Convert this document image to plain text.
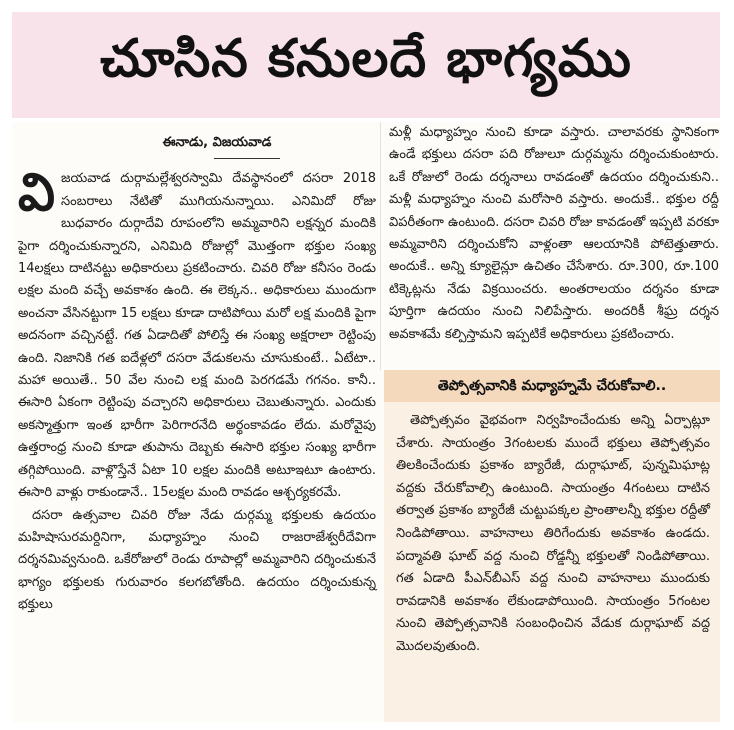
చూసిన కనులదే భాగ్యము
ఈనాడు, విజయవాడ

విజయవాడ దుర్గామల్లేశ్వరస్వామి దేవస్థానంలో దసరా 2018 సంబరాలు నేటితో ముగియనున్నాయి. ఎనిమిదో రోజు బుధవారం దుర్గాదేవి రూపంలోని అమ్మవారిని లక్షన్నర మందికి పైగా దర్శించుకున్నారని, ఎనిమిది రోజుల్లో మొత్తంగా భక్తుల సంఖ్య 14లక్షలు దాటినట్టు అధికారులు ప్రకటించారు. చివరి రోజు కనీసం రెండు లక్షల మంది వచ్చే అవకాశం ఉంది. ఈ లెక్కన.. అధికారులు ముందుగా అంచనా వేసినట్టుగా 15 లక్షలు కూడా దాటిపోయి మరో లక్ష మందికి పైగా అదనంగా వచ్చినట్టే. గత ఏడాదితో పోలిస్తే ఈ సంఖ్య అక్షరాలా రెట్టింపు ఉంది. నిజానికి గత ఐదేళ్లలో దసరా వేడుకలను చూసుకుంటే.. ఏటేటా.. మహా అయితే.. 50 వేల నుంచి లక్ష మంది పెరగడమే గగనం. కానీ.. ఈసారి ఏకంగా రెట్టింపు వచ్చారని అధికారులు చెబుతున్నారు. ఎందుకు అకస్మాత్తుగా ఇంత భారీగా పెరిగారనేది అర్థంకావడం లేదు. మరోవైపు ఉత్తరాంధ్ర నుంచి కూడా తుపాను దెబ్బకు ఈసారి భక్తుల సంఖ్య భారీగా తగ్గిపోయింది. వాళ్లొస్తేనే ఏటా 10 లక్షల మందికి అటూఇటూ ఉంటారు. ఈసారి వాళ్లు రాకుండానే.. 15లక్షల మంది రావడం ఆశ్చర్యకరమే.

దసరా ఉత్సవాల చివరి రోజు నేడు దుర్గమ్మ భక్తులకు ఉదయం మహిషాసురమర్దినిగా, మధ్యాహ్నం నుంచి రాజరాజేశ్వరీదేవిగా దర్శనమివ్వనుంది. ఒకేరోజులో రెండు రూపాల్లో అమ్మవారిని దర్శించుకునే భాగ్యం భక్తులకు గురువారం కలగబోతోంది. ఉదయం దర్శించుకున్న భక్తులు

మళ్లీ మధ్యాహ్నం నుంచి కూడా వస్తారు. చాలావరకు స్థానికంగా ఉండే భక్తులు దసరా పది రోజులూ దుర్గమ్మను దర్శించుకుంటారు. ఒకే రోజులో రెండు దర్శనాలు రావడంతో ఉదయం దర్శించుకుని.. మళ్లీ మధ్యాహ్నం నుంచి మరోసారి వస్తారు. అందుకే.. భక్తుల రద్దీ విపరీతంగా ఉంటుంది. దసరా చివరి రోజు కావడంతో ఇప్పటి వరకూ అమ్మవారిని దర్శించుకోని వాళ్లంతా ఆలయానికి పోటెత్తుతారు. అందుకే.. అన్ని క్యూలైన్లూ ఉచితం చేసేశారు. రూ.300, రూ.100 టిక్కెట్లను నేడు విక్రయించరు. అంతరాలయం దర్శనం కూడా పూర్తిగా ఉదయం నుంచి నిలిపేస్తారు. అందరికీ శీఘ్ర దర్శన అవకాశమే కల్పిస్తామని ఇప్పటికే అధికారులు ప్రకటించారు.

తెప్పోత్సవానికి మధ్యాహ్నమే చేరుకోవాలి..
తెప్పోత్సవం వైభవంగా నిర్వహించేందుకు అన్ని ఏర్పాట్లూ చేశారు. సాయంత్రం 3గంటలకు ముందే భక్తులు తెప్పోత్సవం తిలకించేందుకు ప్రకాశం బ్యారేజీ, దుర్గాఘాట్, పున్నమిఘాట్ల వద్దకు చేరుకోవాల్సి ఉంటుంది. సాయంత్రం 4గంటలు దాటిన తర్వాత ప్రకాశం బ్యారేజీ చుట్టుపక్కల ప్రాంతాలన్నీ భక్తుల రద్దీతో నిండిపోతాయి. వాహనాలు తిరిగేందుకు అవకాశం ఉండదు. పద్మావతి ఘాట్ వద్ద నుంచి రోడ్డన్నీ భక్తులతో నిండిపోతాయి. గత ఏడాది పీఎన్‌బీఎస్ వద్ద నుంచి వాహనాలు ముందుకు రావడానికి అవకాశం లేకుండాపోయింది. సాయంత్రం 5గంటల నుంచి తెప్పోత్సవానికి సంబంధించిన వేడుక దుర్గాఘాట్ వద్ద మొదలవుతుంది.
